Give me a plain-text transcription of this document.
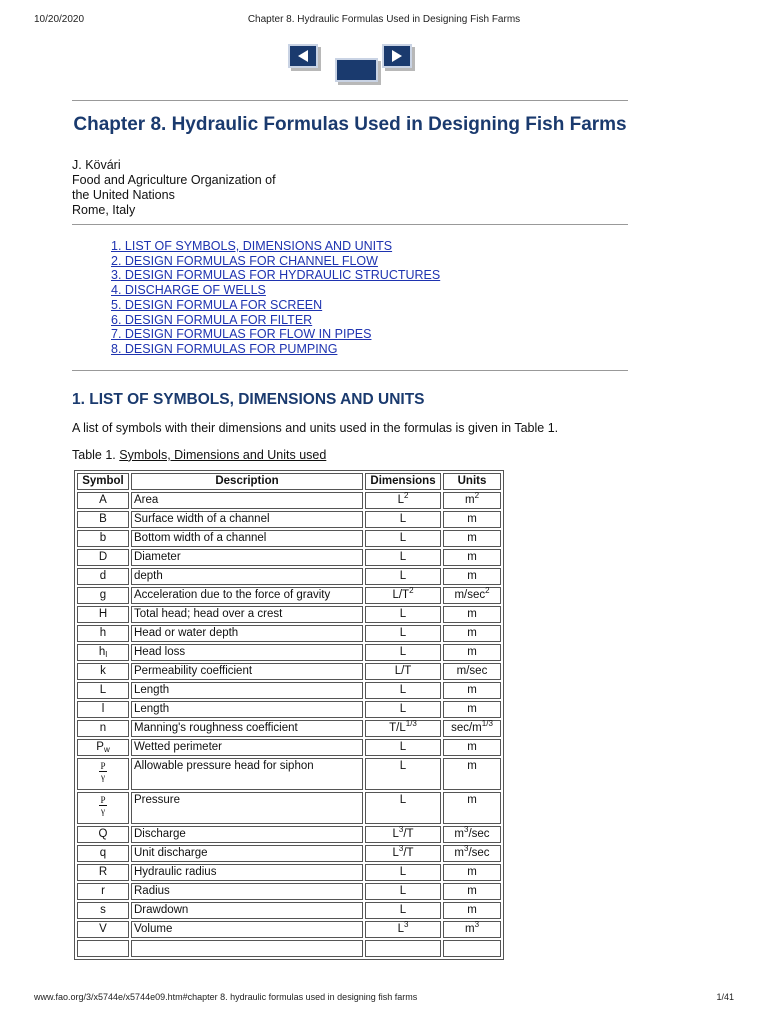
10/20/2020	Chapter 8. Hydraulic Formulas Used in Designing Fish Farms
Chapter 8. Hydraulic Formulas Used in Designing Fish Farms
J. Kövári
Food and Agriculture Organization of
the United Nations
Rome, Italy
1. LIST OF SYMBOLS, DIMENSIONS AND UNITS
2. DESIGN FORMULAS FOR CHANNEL FLOW
3. DESIGN FORMULAS FOR HYDRAULIC STRUCTURES
4. DISCHARGE OF WELLS
5. DESIGN FORMULA FOR SCREEN
6. DESIGN FORMULA FOR FILTER
7. DESIGN FORMULAS FOR FLOW IN PIPES
8. DESIGN FORMULAS FOR PUMPING
1. LIST OF SYMBOLS, DIMENSIONS AND UNITS

A list of symbols with their dimensions and units used in the formulas is given in Table 1.

Table 1. Symbols, Dimensions and Units used

Symbol	Description	Dimensions	Units
A	Area	$L^2$	$m^2$
B	Surface width of a channel	L	m
b	Bottom width of a channel	L	m
D	Diameter	L	m
d	depth	L	m
g	Acceleration due to the force of gravity	$L/T^2$	$m/\sec^2$
H	Total head; head over a crest	L	m
h	Head or water depth	L	m
$h_l$	Head loss	L	m
k	Permeability coefficient	L/T	m/sec
L	Length	L	m
l	Length	L	m
n	Manning's roughness coefficient	$T/L^{1/3}$	$\sec/m^{1/3}$
$P_w$	Wetted perimeter	L	m

$\frac{P}{\gamma}$	Allowable pressure head for siphon	L	m

$\frac{P}{\gamma}$	Pressure	L	m
Q	Discharge	$L^3/T$	$m^3/\sec$
q	Unit discharge	$L^3/T$	$m^3/\sec$
R	Hydraulic radius	L	m
r	Radius	L	m
s	Drawdown	L	m
V	Volume	$L^3$	$m^3$

www.fao.org/3/x5744e/x5744e09.htm#chapter 8. hydraulic formulas used in designing fish farms	1/41
